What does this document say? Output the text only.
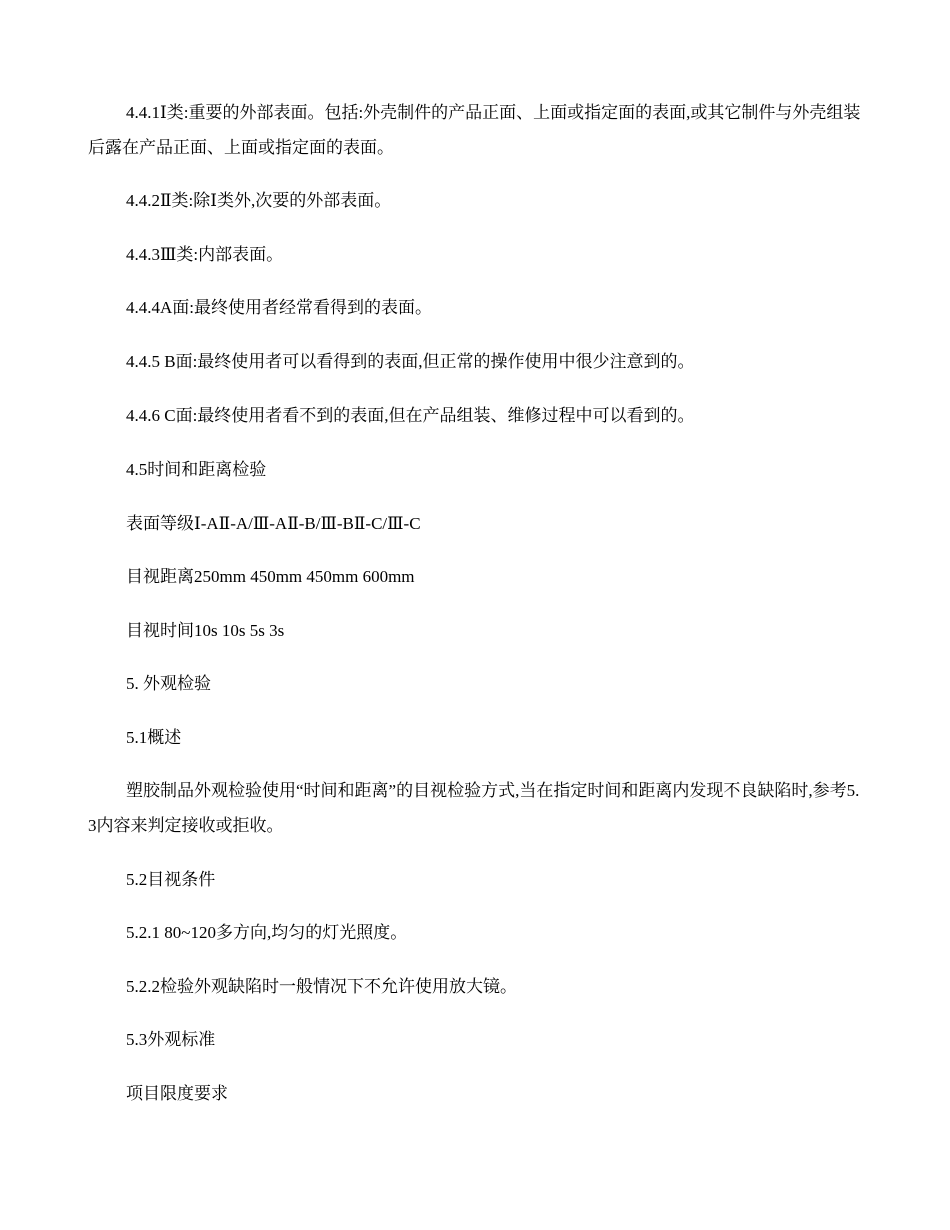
4.4.1Ⅰ类:重要的外部表面。包括:外壳制件的产品正面、上面或指定面的表面,或其它制件与外壳组装后露在产品正面、上面或指定面的表面。

4.4.2Ⅱ类:除Ⅰ类外,次要的外部表面。

4.4.3Ⅲ类:内部表面。

4.4.4A面:最终使用者经常看得到的表面。

4.4.5 B面:最终使用者可以看得到的表面,但正常的操作使用中很少注意到的。

4.4.6 C面:最终使用者看不到的表面,但在产品组装、维修过程中可以看到的。

4.5时间和距离检验

表面等级Ⅰ-AⅡ-A/Ⅲ-AⅡ-B/Ⅲ-BⅡ-C/Ⅲ-C

目视距离250mm 450mm 450mm 600mm

目视时间10s 10s 5s 3s

5. 外观检验

5.1概述

塑胶制品外观检验使用“时间和距离”的目视检验方式,当在指定时间和距离内发现不良缺陷时,参考5.3内容来判定接收或拒收。

5.2目视条件

5.2.1 80~120多方向,均匀的灯光照度。

5.2.2检验外观缺陷时一般情况下不允许使用放大镜。

5.3外观标准

项目限度要求
